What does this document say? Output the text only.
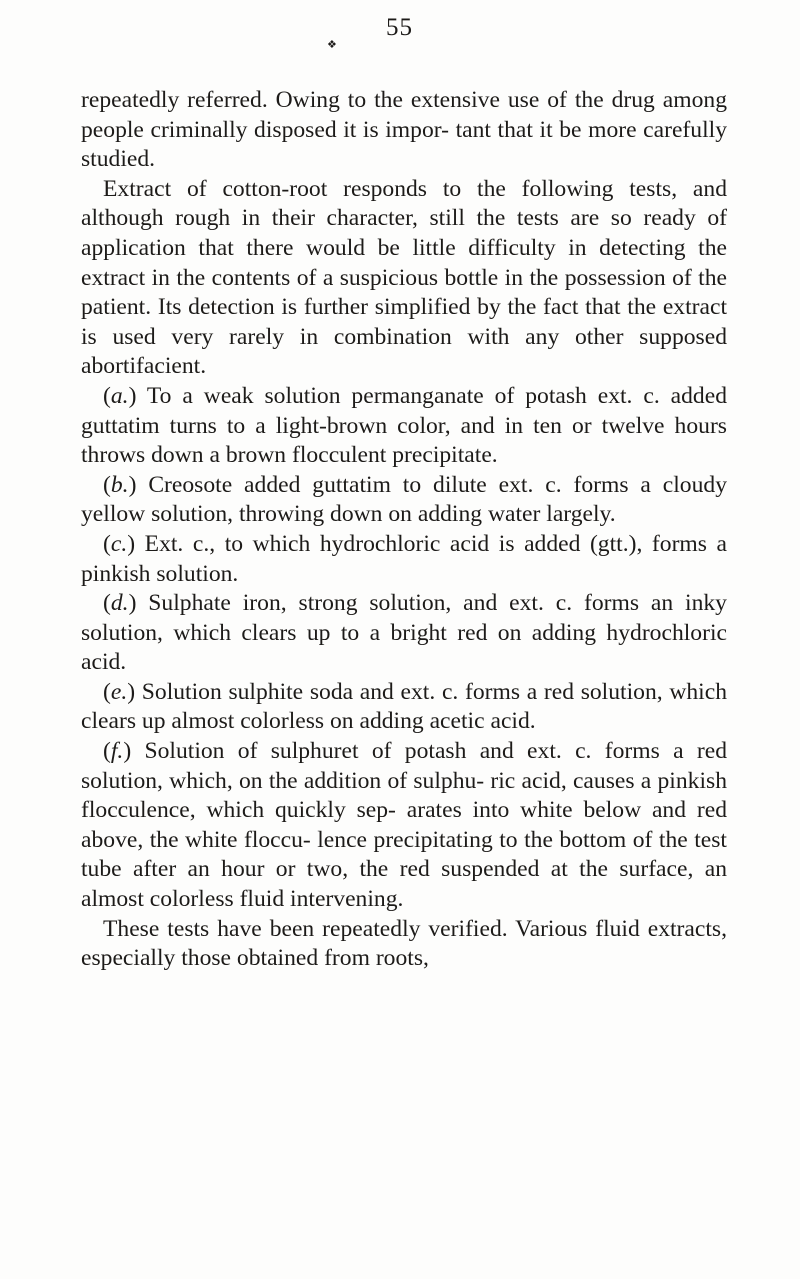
55
❖

repeatedly referred. Owing to the extensive use of the drug among people criminally disposed it is impor- tant that it be more carefully studied.

Extract of cotton-root responds to the following tests, and although rough in their character, still the tests are so ready of application that there would be little difficulty in detecting the extract in the contents of a suspicious bottle in the possession of the patient. Its detection is further simplified by the fact that the extract is used very rarely in combination with any other supposed abortifacient.

(a.) To a weak solution permanganate of potash ext. c. added guttatim turns to a light-brown color, and in ten or twelve hours throws down a brown flocculent precipitate.

(b.) Creosote added guttatim to dilute ext. c. forms a cloudy yellow solution, throwing down on adding water largely.

(c.) Ext. c., to which hydrochloric acid is added (gtt.), forms a pinkish solution.

(d.) Sulphate iron, strong solution, and ext. c. forms an inky solution, which clears up to a bright red on adding hydrochloric acid.

(e.) Solution sulphite soda and ext. c. forms a red solution, which clears up almost colorless on adding acetic acid.

(f.) Solution of sulphuret of potash and ext. c. forms a red solution, which, on the addition of sulphu- ric acid, causes a pinkish flocculence, which quickly sep- arates into white below and red above, the white floccu- lence precipitating to the bottom of the test tube after an hour or two, the red suspended at the surface, an almost colorless fluid intervening.

These tests have been repeatedly verified. Various fluid extracts, especially those obtained from roots,
